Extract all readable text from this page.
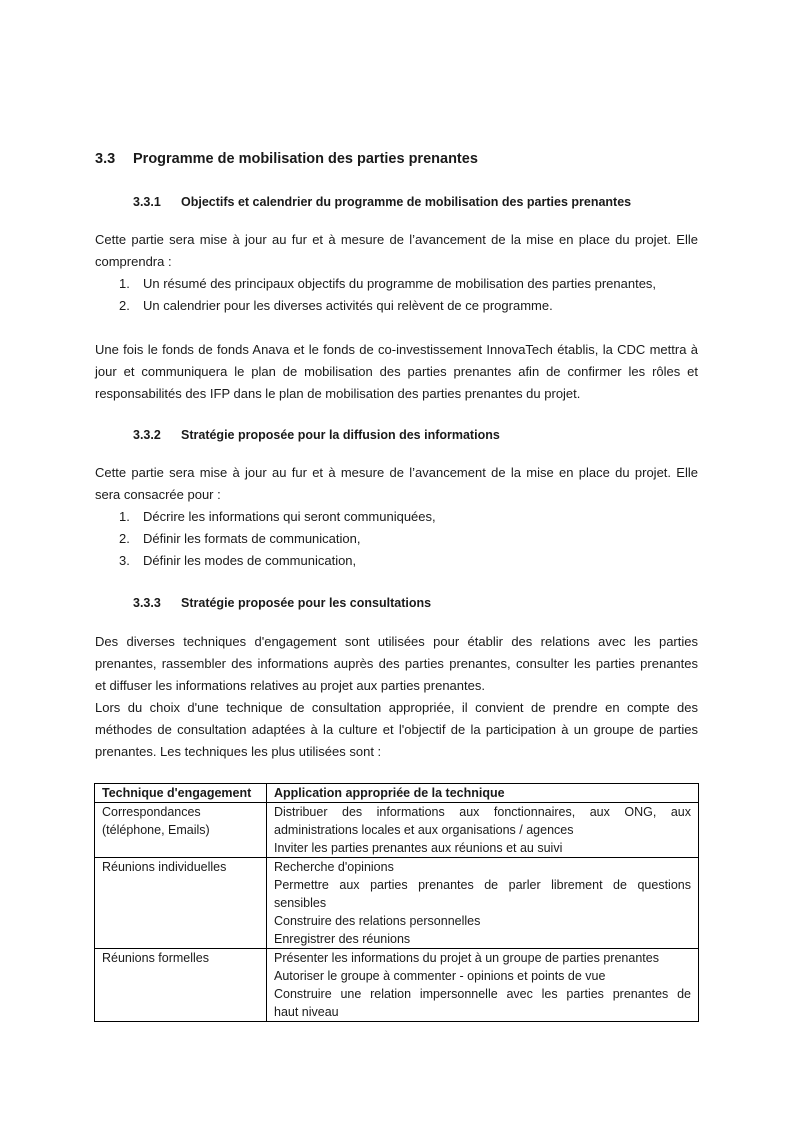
3.3 Programme de mobilisation des parties prenantes
3.3.1 Objectifs et calendrier du programme de mobilisation des parties prenantes
Cette partie sera mise à jour au fur et à mesure de l’avancement de la mise en place du projet. Elle
comprendra :
1. Un résumé des principaux objectifs du programme de mobilisation des parties prenantes,
2. Un calendrier pour les diverses activités qui relèvent de ce programme.
Une fois le fonds de fonds Anava et le fonds de co-investissement InnovaTech établis, la CDC mettra à
jour et communiquera le plan de mobilisation des parties prenantes afin de confirmer les rôles et
responsabilités des IFP dans le plan de mobilisation des parties prenantes du projet.
3.3.2 Stratégie proposée pour la diffusion des informations
Cette partie sera mise à jour au fur et à mesure de l’avancement de la mise en place du projet. Elle
sera consacrée pour :
1. Décrire les informations qui seront communiquées,
2. Définir les formats de communication,
3. Définir les modes de communication,
3.3.3 Stratégie proposée pour les consultations
Des diverses techniques d'engagement sont utilisées pour établir des relations avec les parties
prenantes, rassembler des informations auprès des parties prenantes, consulter les parties prenantes
et diffuser les informations relatives au projet aux parties prenantes.
Lors du choix d'une technique de consultation appropriée, il convient de prendre en compte des
méthodes de consultation adaptées à la culture et l'objectif de la participation à un groupe de parties
prenantes. Les techniques les plus utilisées sont :
Technique d'engagement	Application appropriée de la technique

Correspondances
(téléphone, Emails)	Distribuer des informations aux fonctionnaires, aux ONG, aux
administrations locales et aux organisations / agences
Inviter les parties prenantes aux réunions et au suivi

Réunions individuelles	Recherche d'opinions
Permettre aux parties prenantes de parler librement de questions
sensibles
Construire des relations personnelles
Enregistrer des réunions

Réunions formelles	Présenter les informations du projet à un groupe de parties prenantes
Autoriser le groupe à commenter - opinions et points de vue
Construire une relation impersonnelle avec les parties prenantes de
haut niveau
